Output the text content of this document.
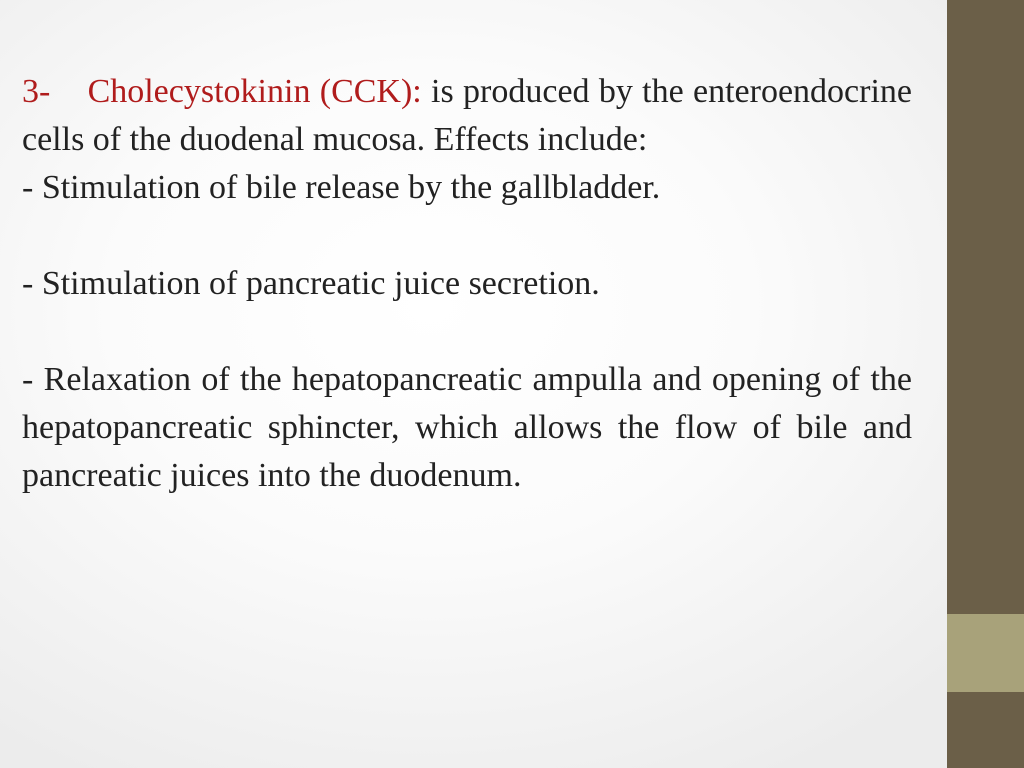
3- Cholecystokinin (CCK): is produced by the enteroendocrine cells of the duodenal mucosa. Effects include:

- Stimulation of bile release by the gallbladder.

- Stimulation of pancreatic juice secretion.

- Relaxation of the hepatopancreatic ampulla and opening of the hepatopancreatic sphincter, which allows the flow of bile and pancreatic juices into the duodenum.
